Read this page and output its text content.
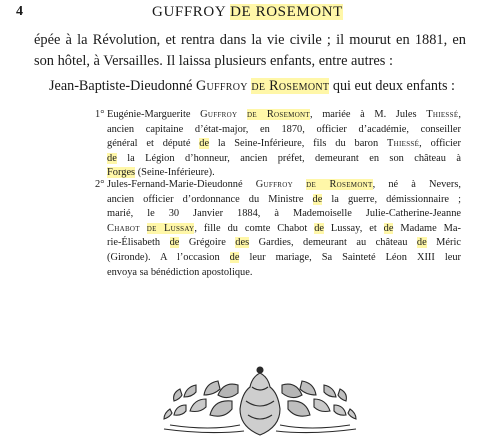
4	GUFFROY DE ROSEMONT
épée à la Révolution, et rentra dans la vie civile ; il mourut en 1881, en
son hôtel, à Versailles. Il laissa plusieurs enfants, entre autres :
Jean-Baptiste-Dieudonné Guffroy de Rosemont qui eut deux enfants :
1° Eugénie-Marguerite Guffroy de Rosemont, mariée à M. Jules Thiessé,
ancien capitaine d’état-major, en 1870, officier d’académie, conseiller
général et député de la Seine-Inférieure, fils du baron Thiessé, officier
de la Légion d’honneur, ancien préfet, demeurant en son château à
Forges (Seine-Inférieure).
2° Jules-Fernand-Marie-Dieudonné Guffroy de Rosemont, né à Nevers,
ancien officier d’ordonnance du Ministre de la guerre, démissionnaire ;
marié, le 30 Janvier 1884, à Mademoiselle Julie-Catherine-Jeanne
Chabot de Lussay, fille du comte Chabot de Lussay, et de Madame Ma-
rie-Élisabeth de Grégoire des Gardies, demeurant au château de Méric
(Gironde). A l’occasion de leur mariage, Sa Sainteté Léon XIII leur
envoya sa bénédiction apostolique.
